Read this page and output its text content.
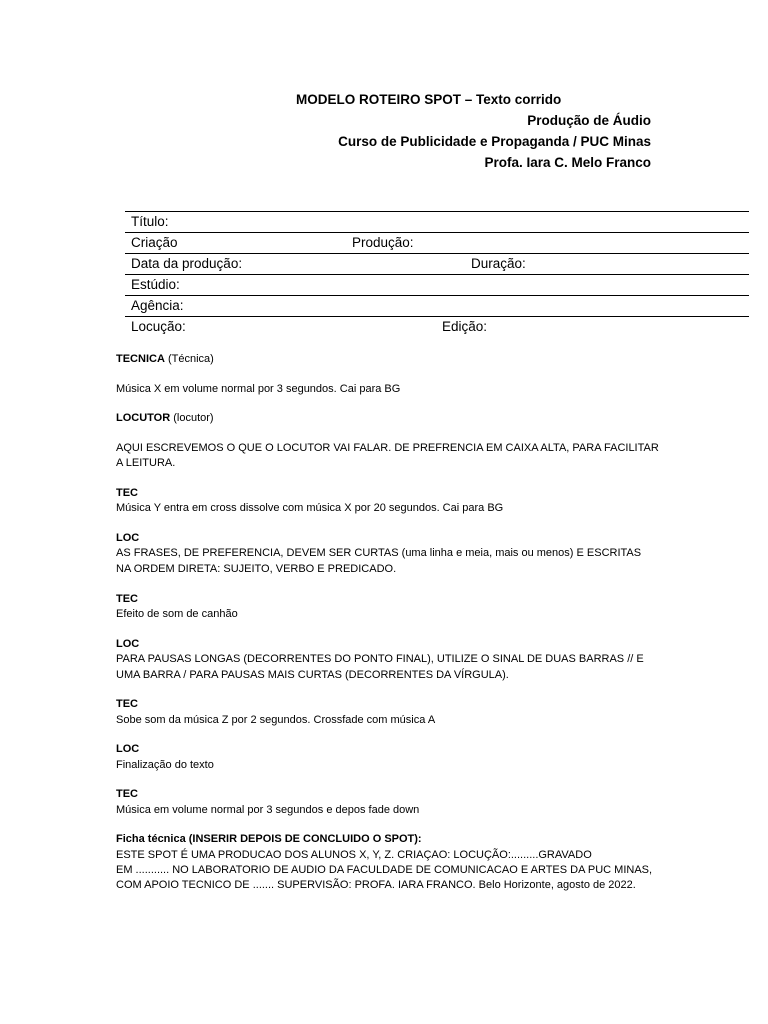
MODELO ROTEIRO SPOT – Texto corrido
Produção de Áudio
Curso de Publicidade e Propaganda / PUC Minas
Profa. Iara C. Melo Franco
Título:
Criação	Produção:
Data da produção:	Duração:
Estúdio:
Agência:
Locução:	Edição:
TECNICA (Técnica)
Música X em volume normal por 3 segundos. Cai para BG
LOCUTOR (locutor)
AQUI ESCREVEMOS O QUE O LOCUTOR VAI FALAR. DE PREFRENCIA EM CAIXA ALTA, PARA FACILITAR
A LEITURA.
TEC
Música Y entra em cross dissolve com música X por 20 segundos. Cai para BG
LOC
AS FRASES, DE PREFERENCIA, DEVEM SER CURTAS (uma linha e meia, mais ou menos) E ESCRITAS
NA ORDEM DIRETA: SUJEITO, VERBO E PREDICADO.
TEC
Efeito de som de canhão
LOC
PARA PAUSAS LONGAS (DECORRENTES DO PONTO FINAL), UTILIZE O SINAL DE DUAS BARRAS // E
UMA BARRA / PARA PAUSAS MAIS CURTAS (DECORRENTES DA VÍRGULA).
TEC
Sobe som da música Z por 2 segundos. Crossfade com música A
LOC
Finalização do texto
TEC
Música em volume normal por 3 segundos e depos fade down
Ficha técnica (INSERIR DEPOIS DE CONCLUIDO O SPOT):
ESTE SPOT É UMA PRODUCAO DOS ALUNOS X, Y, Z. CRIAÇAO: LOCUÇÃO:.........GRAVADO
EM ........... NO LABORATORIO DE AUDIO DA FACULDADE DE COMUNICACAO E ARTES DA PUC MINAS,
COM APOIO TECNICO DE ....... SUPERVISÃO: PROFA. IARA FRANCO. Belo Horizonte, agosto de 2022.
